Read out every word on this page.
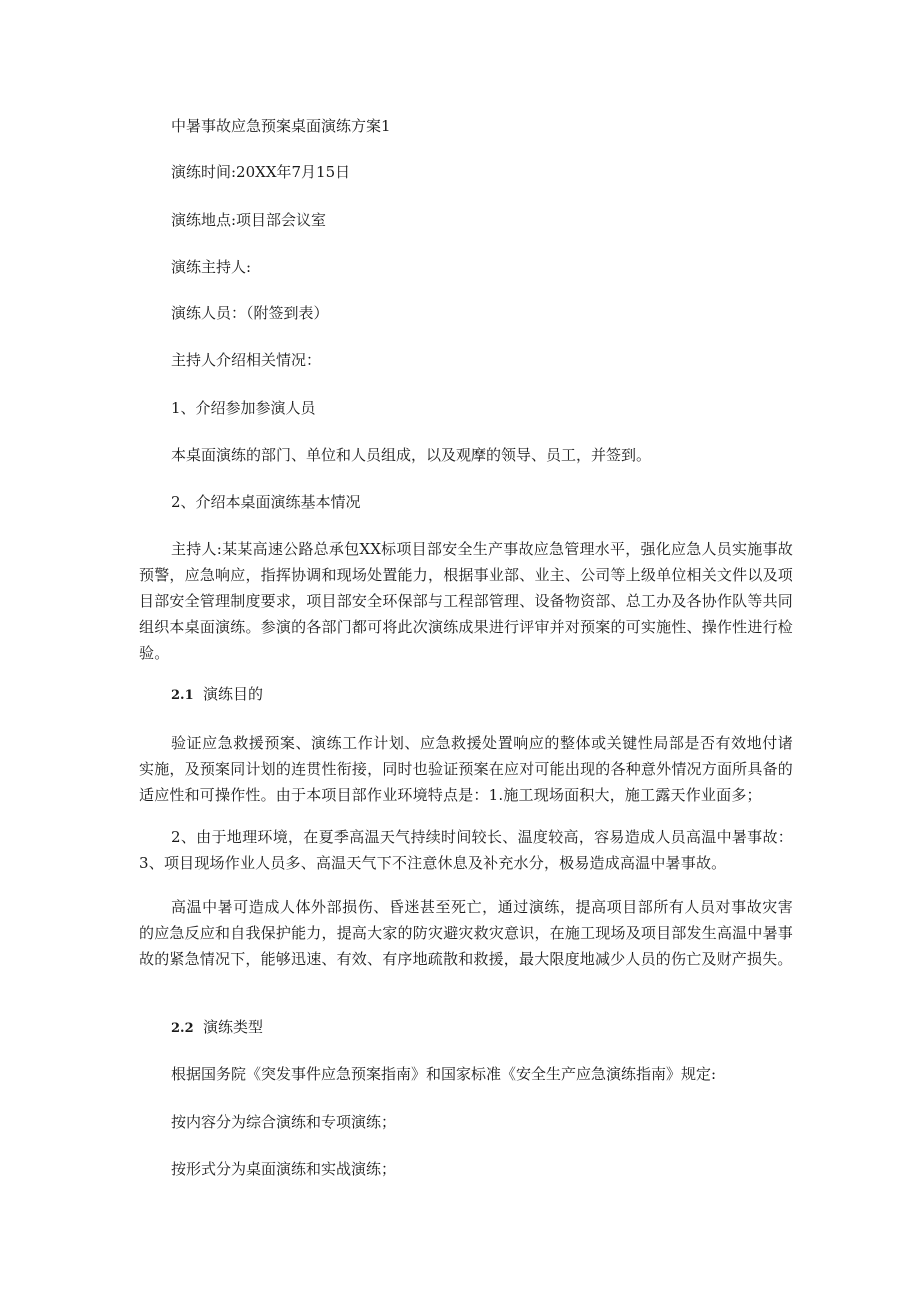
中暑事故应急预案桌面演练方案1
演练时间:20XX年7月15日
演练地点:项目部会议室
演练主持人:
演练人员：（附签到表）
主持人介绍相关情况：
1、介绍参加参演人员
本桌面演练的部门、单位和人员组成，以及观摩的领导、员工，并签到。
2、介绍本桌面演练基本情况
主持人:某某高速公路总承包XX标项目部安全生产事故应急管理水平，强化应急人员实施事故预警，应急响应，指挥协调和现场处置能力，根据事业部、业主、公司等上级单位相关文件以及项目部安全管理制度要求，项目部安全环保部与工程部管理、设备物资部、总工办及各协作队等共同组织本桌面演练。参演的各部门都可将此次演练成果进行评审并对预案的可实施性、操作性进行检验。
2.1 演练目的
验证应急救援预案、演练工作计划、应急救援处置响应的整体或关键性局部是否有效地付诸实施，及预案同计划的连贯性衔接，同时也验证预案在应对可能出现的各种意外情况方面所具备的适应性和可操作性。由于本项目部作业环境特点是：1.施工现场面积大，施工露天作业面多；
2、由于地理环境，在夏季高温天气持续时间较长、温度较高，容易造成人员高温中暑事故：3、项目现场作业人员多、高温天气下不注意休息及补充水分，极易造成高温中暑事故。
高温中暑可造成人体外部损伤、昏迷甚至死亡，通过演练，提高项目部所有人员对事故灾害的应急反应和自我保护能力，提高大家的防灾避灾救灾意识，在施工现场及项目部发生高温中暑事故的紧急情况下，能够迅速、有效、有序地疏散和救援，最大限度地减少人员的伤亡及财产损失。
2.2 演练类型
根据国务院《突发事件应急预案指南》和国家标准《安全生产应急演练指南》规定:
按内容分为综合演练和专项演练；
按形式分为桌面演练和实战演练；
